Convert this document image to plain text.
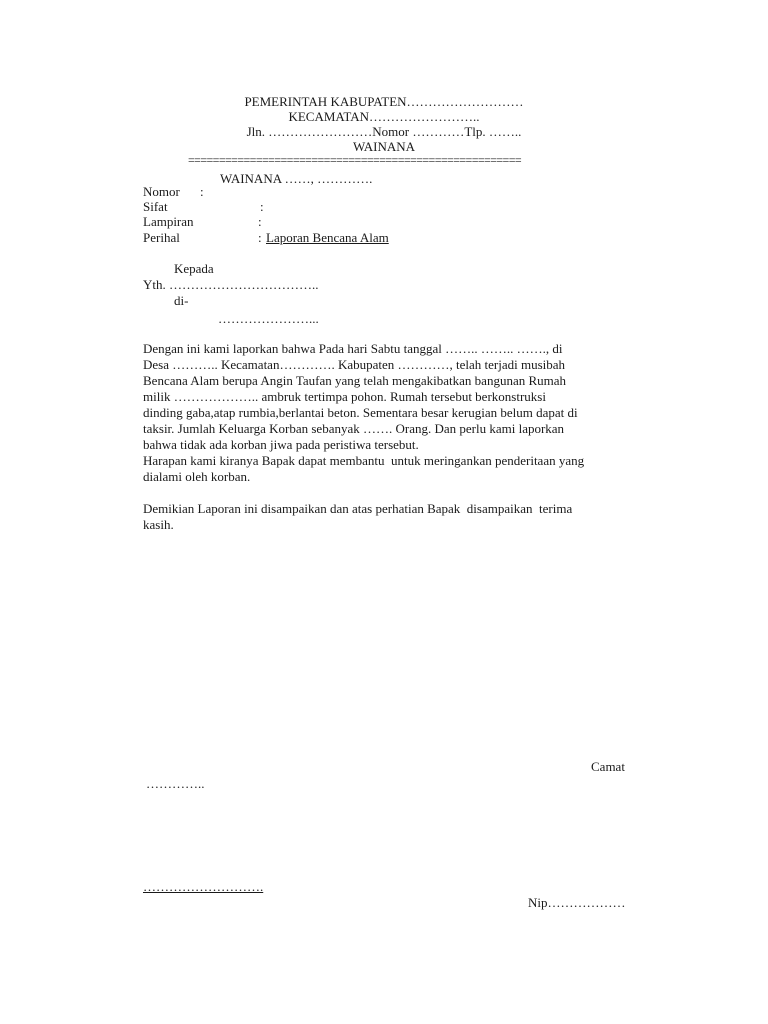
PEMERINTAH KABUPATEN………………………
KECAMATAN……………………..
Jln. ……………………Nomor …………Tlp. ……..
WAINANA
======================================================
WAINANA ……, ………….
Nomor :
Sifat	:
Lampiran	:
Perihal	: Laporan Bencana Alam
Kepada
Yth. ……………………………..
di-
…………………...
Dengan ini kami laporkan bahwa Pada hari Sabtu tanggal …….. …….. ……., di
Desa ……….. Kecamatan…………. Kabupaten …………, telah terjadi musibah
Bencana Alam berupa Angin Taufan yang telah mengakibatkan bangunan Rumah
milik ……………….. ambruk tertimpa pohon. Rumah tersebut berkonstruksi
dinding gaba,atap rumbia,berlantai beton. Sementara besar kerugian belum dapat di
taksir. Jumlah Keluarga Korban sebanyak ……. Orang. Dan perlu kami laporkan
bahwa tidak ada korban jiwa pada peristiwa tersebut.
Harapan kami kiranya Bapak dapat membantu  untuk meringankan penderitaan yang
dialami oleh korban.
Demikian Laporan ini disampaikan dan atas perhatian Bapak  disampaikan  terima
kasih.
Camat
…………..
……………………….
Nip………………
